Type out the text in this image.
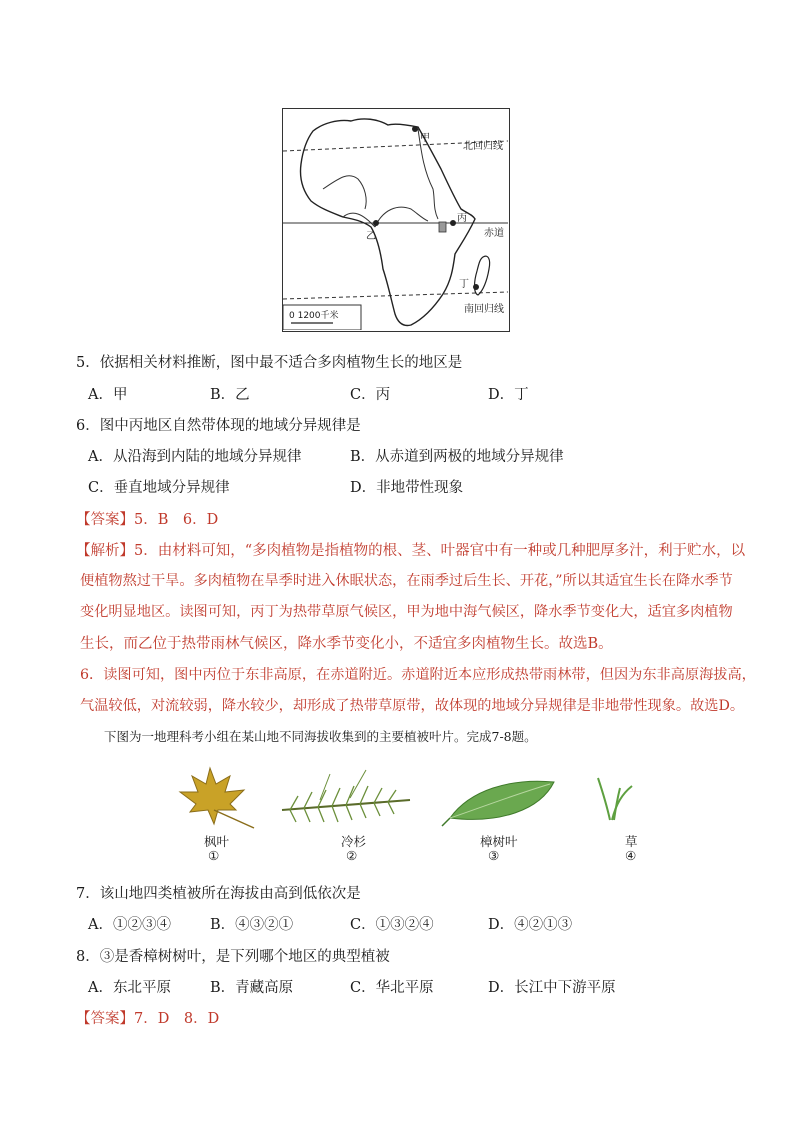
甲
北回归线
丙
赤道
乙
丁
南回归线
0 1200千米
5．依据相关材料推断，图中最不适合多肉植物生长的地区是
A．甲	B．乙	C．丙	D．丁
6．图中丙地区自然带体现的地域分异规律是
A．从沿海到内陆的地域分异规律	B．从赤道到两极的地域分异规律
C．垂直地域分异规律	D．非地带性现象
【答案】5．B　6．D
【解析】5．由材料可知，“多肉植物是指植物的根、茎、叶器官中有一种或几种肥厚多汁，利于贮水，以
便植物熬过干旱。多肉植物在旱季时进入休眠状态，在雨季过后生长、开花，”所以其适宜生长在降水季节
变化明显地区。读图可知，丙丁为热带草原气候区，甲为地中海气候区，降水季节变化大，适宜多肉植物
生长，而乙位于热带雨林气候区，降水季节变化小，不适宜多肉植物生长。故选B。
6．读图可知，图中丙位于东非高原，在赤道附近。赤道附近本应形成热带雨林带，但因为东非高原海拔高，
气温较低，对流较弱，降水较少，却形成了热带草原带，故体现的地域分异规律是非地带性现象。故选D。
下图为一地理科考小组在某山地不同海拔收集到的主要植被叶片。完成7-8题。
枫叶
①
冷杉
②
樟树叶
③
草
④
7．该山地四类植被所在海拔由高到低依次是
A．①②③④	B．④③②①	C．①③②④	D．④②①③
8．③是香樟树树叶，是下列哪个地区的典型植被
A．东北平原	B．青藏高原	C．华北平原	D．长江中下游平原
【答案】7．D　8．D
